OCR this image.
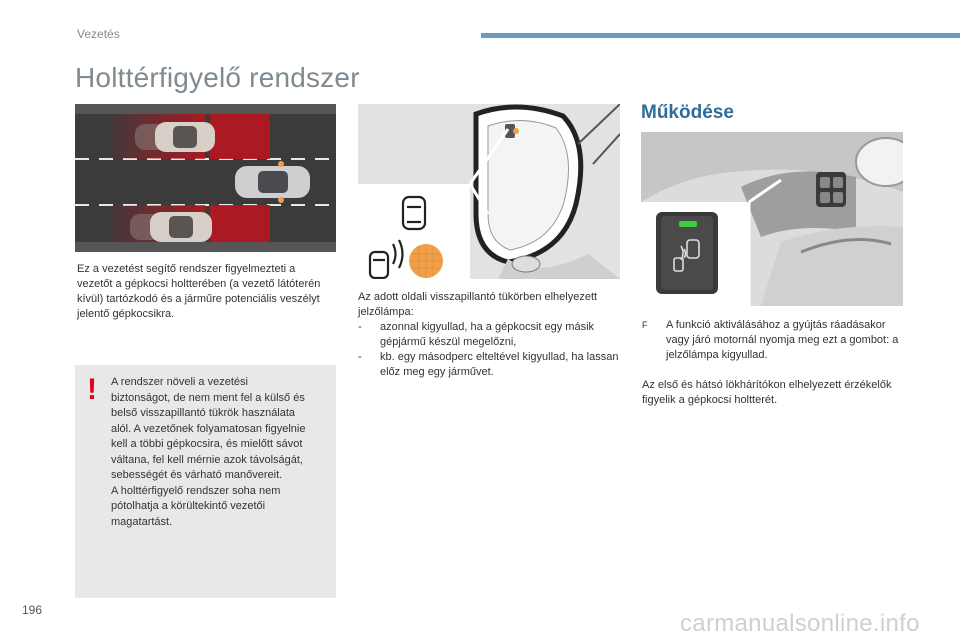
Vezetés
Holttérfigyelő rendszer

Ez a vezetést segítő rendszer figyelmezteti a vezetőt a gépkocsi holtterében (a vezető látóterén kívül) tartózkodó és a járműre potenciális veszélyt jelentő gépkocsikra.

! A rendszer növeli a vezetési
biztonságot, de nem ment fel a külső és
belső visszapillantó tükrök használata
alól. A vezetőnek folyamatosan figyelnie
kell a többi gépkocsira, és mielőtt sávot
váltana, fel kell mérnie azok távolságát,
sebességét és várható manővereit.
A holttérfigyelő rendszer soha nem
pótolhatja a körültekintő vezetői
magatartást.

Az adott oldali visszapillantó tükörben elhelyezett jelzőlámpa:

- azonnal kigyullad, ha a gépkocsit egy másik gépjármű készül megelőzni,
- kb. egy másodperc elteltével kigyullad, ha lassan előz meg egy járművet.
Működése
F A funkció aktiválásához a gyújtás ráadásakor vagy járó motornál nyomja meg ezt a gombot: a jelzőlámpa kigyullad.

Az első és hátsó lökhárítókon elhelyezett érzékelők figyelik a gépkocsi holtterét.

196	carmanualsonline.info
